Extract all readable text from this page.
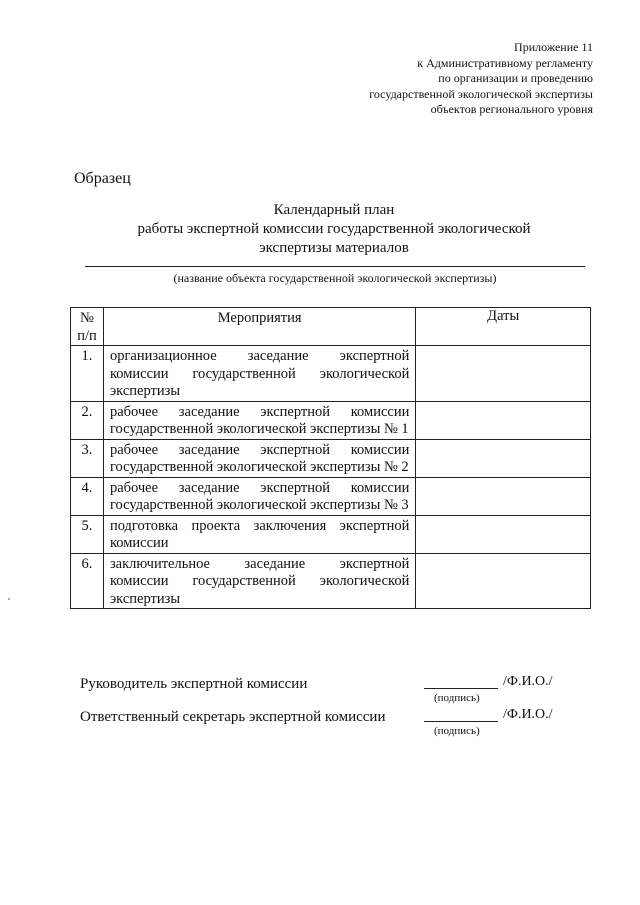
Приложение 11
к Административному регламенту
по организации и проведению
государственной экологической экспертизы
объектов регионального уровня
Образец
Календарный план
работы экспертной комиссии государственной экологической
экспертизы материалов
(название объекта государственной экологической экспертизы)
№
п/п	Мероприятия	Даты
1.	организационное заседание экспертной комиссии государственной экологической экспертизы	
2.	рабочее заседание экспертной комиссии государственной экологической экспертизы № 1	
3.	рабочее заседание экспертной комиссии государственной экологической экспертизы № 2	
4.	рабочее заседание экспертной комиссии государственной экологической экспертизы № 3	
5.	подготовка проекта заключения экспертной комиссии	
6.	заключительное заседание экспертной комиссии государственной экологической экспертизы	
Руководитель экспертной комиссии	/Ф.И.О./
(подпись)
Ответственный секретарь экспертной комиссии	/Ф.И.О./
(подпись)
